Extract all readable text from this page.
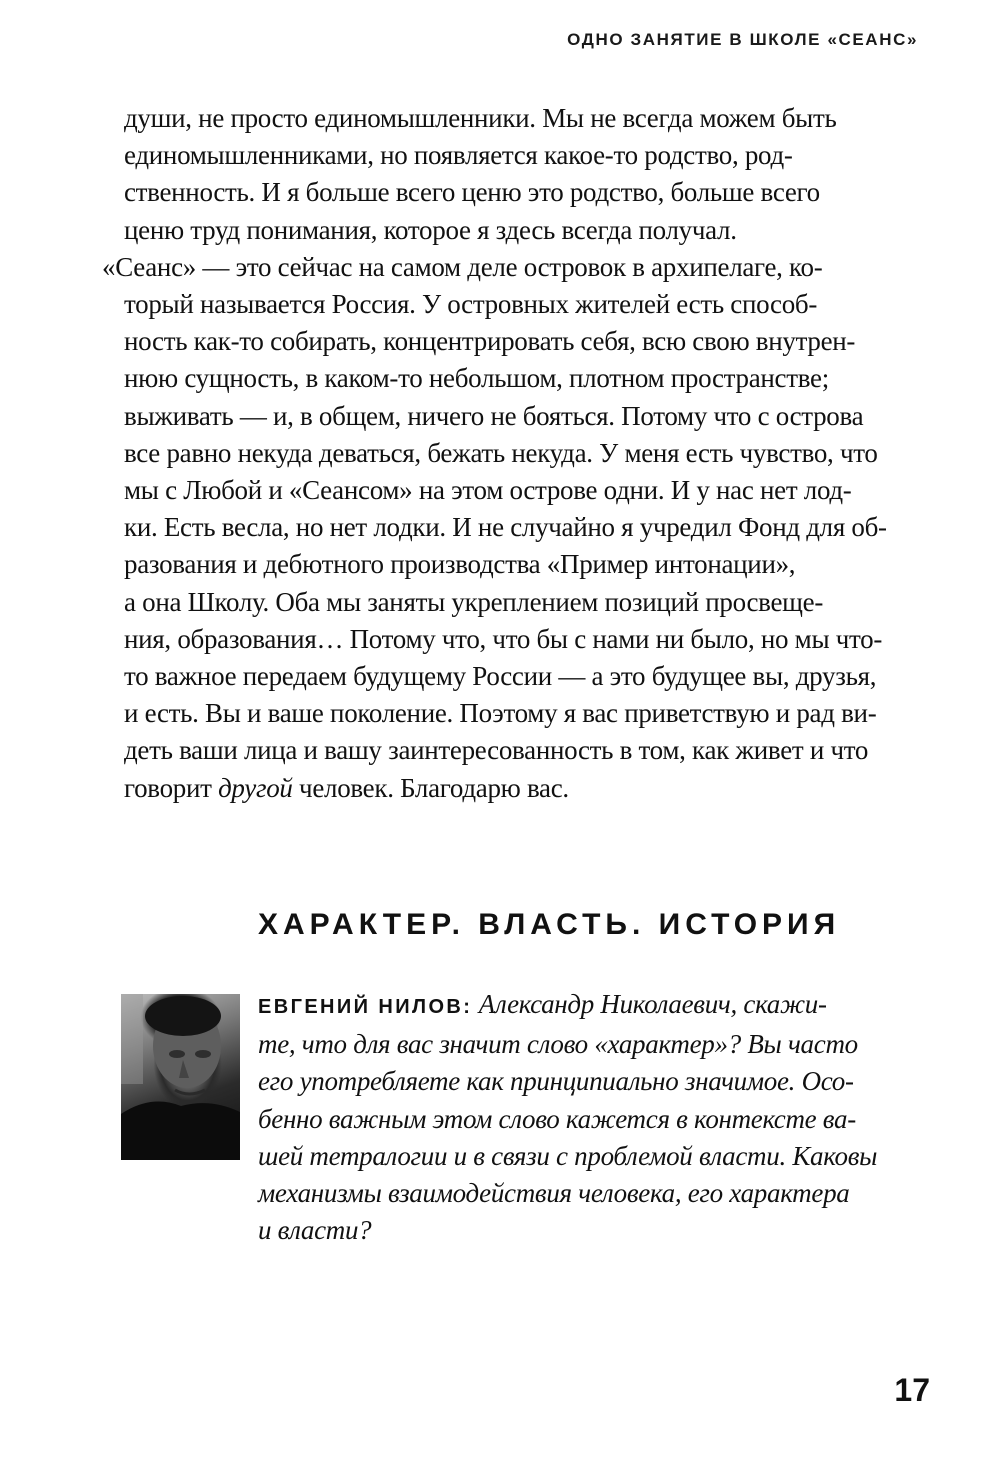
ОДНО ЗАНЯТИЕ В ШКОЛЕ «СЕАНС»
души, не просто единомышленники. Мы не всегда можем быть
единомышленниками, но появляется какое-то родство, род-
ственность. И я больше всего ценю это родство, больше всего
ценю труд понимания, которое я здесь всегда получал.
«Сеанс» — это сейчас на самом деле островок в архипелаге, ко-
торый называется Россия. У островных жителей есть способ-
ность как-то собирать, концентрировать себя, всю свою внутрен-
нюю сущность, в каком-то небольшом, плотном пространстве;
выживать — и, в общем, ничего не бояться. Потому что с острова
все равно некуда деваться, бежать некуда. У меня есть чувство, что
мы с Любой и «Сеансом» на этом острове одни. И у нас нет лод-
ки. Есть весла, но нет лодки. И не случайно я учредил Фонд для об-
разования и дебютного производства «Пример интонации»,
а она Школу. Оба мы заняты укреплением позиций просвеще-
ния, образования… Потому что, что бы с нами ни было, но мы что-
то важное передаем будущему России — а это будущее вы, друзья,
и есть. Вы и ваше поколение. Поэтому я вас приветствую и рад ви-
деть ваши лица и вашу заинтересованность в том, как живет и что
говорит другой человек. Благодарю вас.
ХАРАКТЕР. ВЛАСТЬ. ИСТОРИЯ
ЕВГЕНИЙ НИЛОВ: Александр Николаевич, скажи-
те, что для вас значит слово «характер»? Вы часто
его употребляете как принципиально значимое. Осо-
бенно важным этом слово кажется в контексте ва-
шей тетралогии и в связи с проблемой власти. Каковы
механизмы взаимодействия человека, его характера
и власти?
17
